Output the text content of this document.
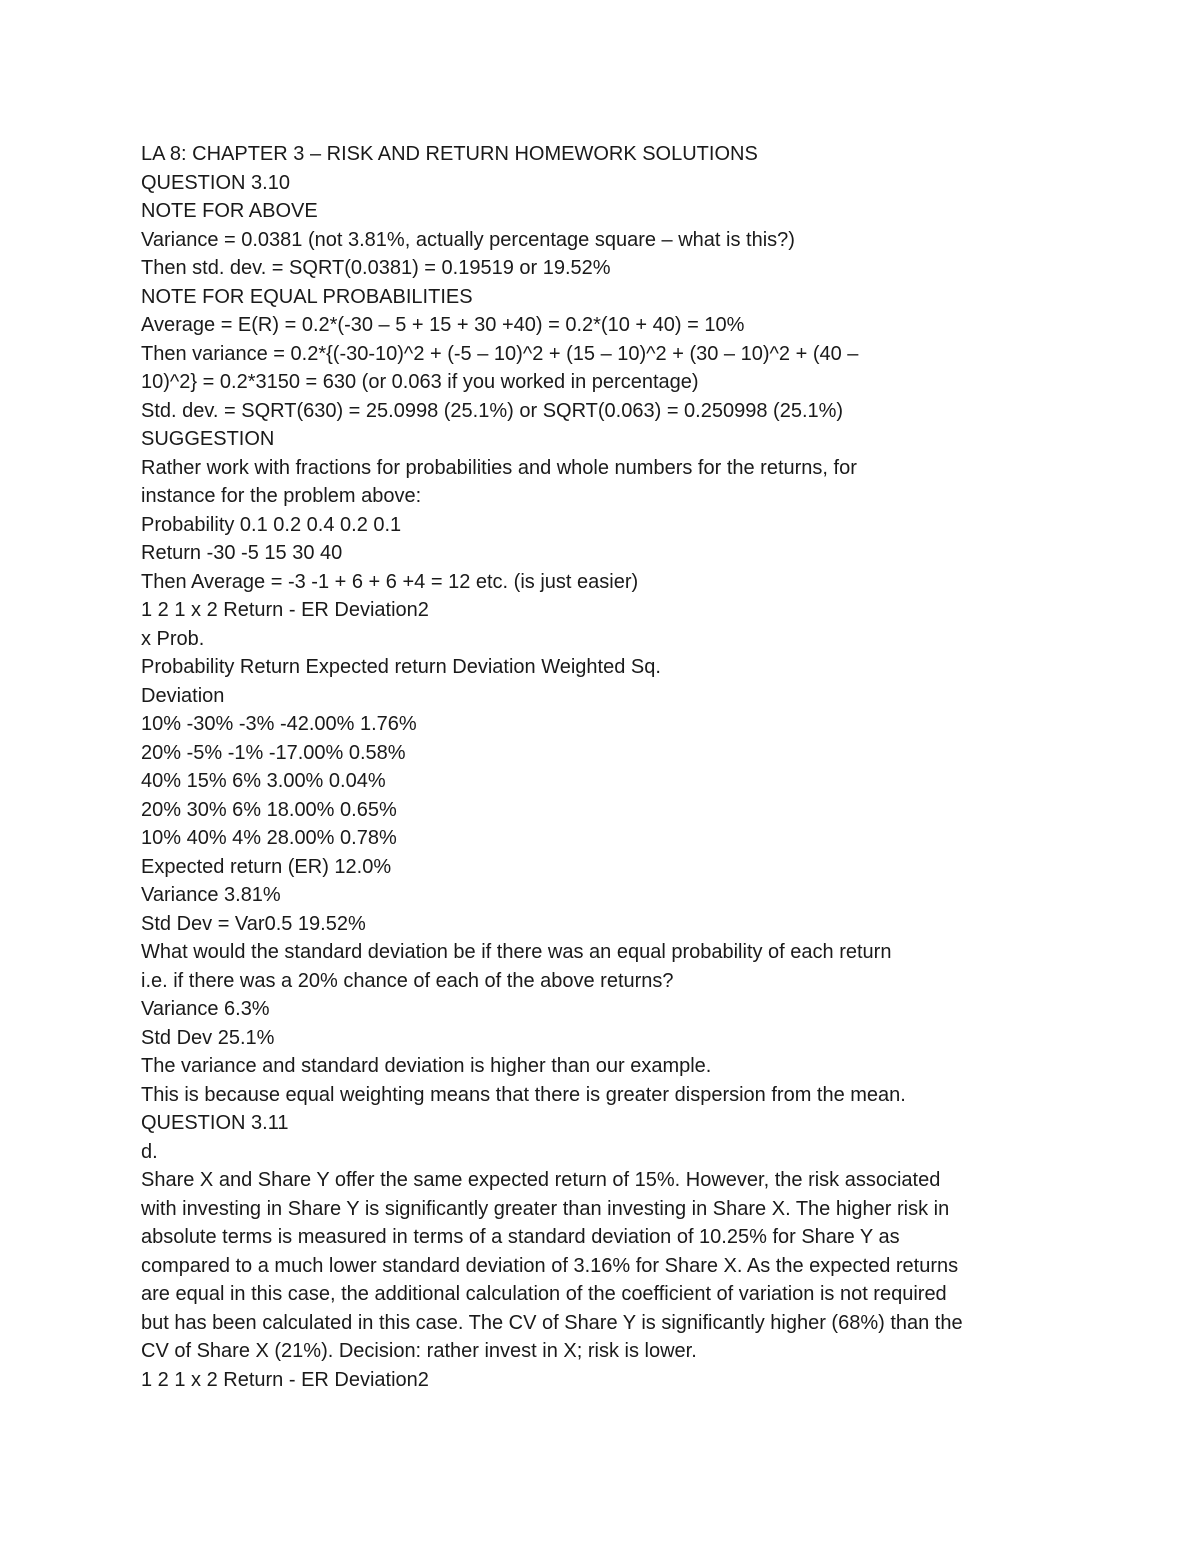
LA 8: CHAPTER 3 – RISK AND RETURN HOMEWORK SOLUTIONS
QUESTION 3.10
NOTE FOR ABOVE
Variance = 0.0381 (not 3.81%, actually percentage square – what is this?)
Then std. dev. = SQRT(0.0381) = 0.19519 or 19.52%
NOTE FOR EQUAL PROBABILITIES
Average = E(R) = 0.2*(-30 – 5 + 15 + 30 +40) = 0.2*(10 + 40) = 10%
Then variance = 0.2*{(-30-10)^2 + (-5 – 10)^2 + (15 – 10)^2 + (30 – 10)^2 + (40 –
10)^2} = 0.2*3150 = 630 (or 0.063 if you worked in percentage)
Std. dev. = SQRT(630) = 25.0998 (25.1%) or SQRT(0.063) = 0.250998 (25.1%)
SUGGESTION
Rather work with fractions for probabilities and whole numbers for the returns, for
instance for the problem above:
Probability 0.1 0.2 0.4 0.2 0.1
Return -30 -5 15 30 40
Then Average = -3 -1 + 6 + 6 +4 = 12 etc. (is just easier)
1 2 1 x 2 Return - ER Deviation2
x Prob.
Probability Return Expected return Deviation Weighted Sq.
Deviation
10% -30% -3% -42.00% 1.76%
20% -5% -1% -17.00% 0.58%
40% 15% 6% 3.00% 0.04%
20% 30% 6% 18.00% 0.65%
10% 40% 4% 28.00% 0.78%
Expected return (ER) 12.0%
Variance 3.81%
Std Dev = Var0.5 19.52%
What would the standard deviation be if there was an equal probability of each return
i.e. if there was a 20% chance of each of the above returns?
Variance 6.3%
Std Dev 25.1%
The variance and standard deviation is higher than our example.
This is because equal weighting means that there is greater dispersion from the mean.
QUESTION 3.11
d.
Share X and Share Y offer the same expected return of 15%. However, the risk associated
with investing in Share Y is significantly greater than investing in Share X. The higher risk in
absolute terms is measured in terms of a standard deviation of 10.25% for Share Y as
compared to a much lower standard deviation of 3.16% for Share X. As the expected returns
are equal in this case, the additional calculation of the coefficient of variation is not required
but has been calculated in this case. The CV of Share Y is significantly higher (68%) than the
CV of Share X (21%). Decision: rather invest in X; risk is lower.
1 2 1 x 2 Return - ER Deviation2
